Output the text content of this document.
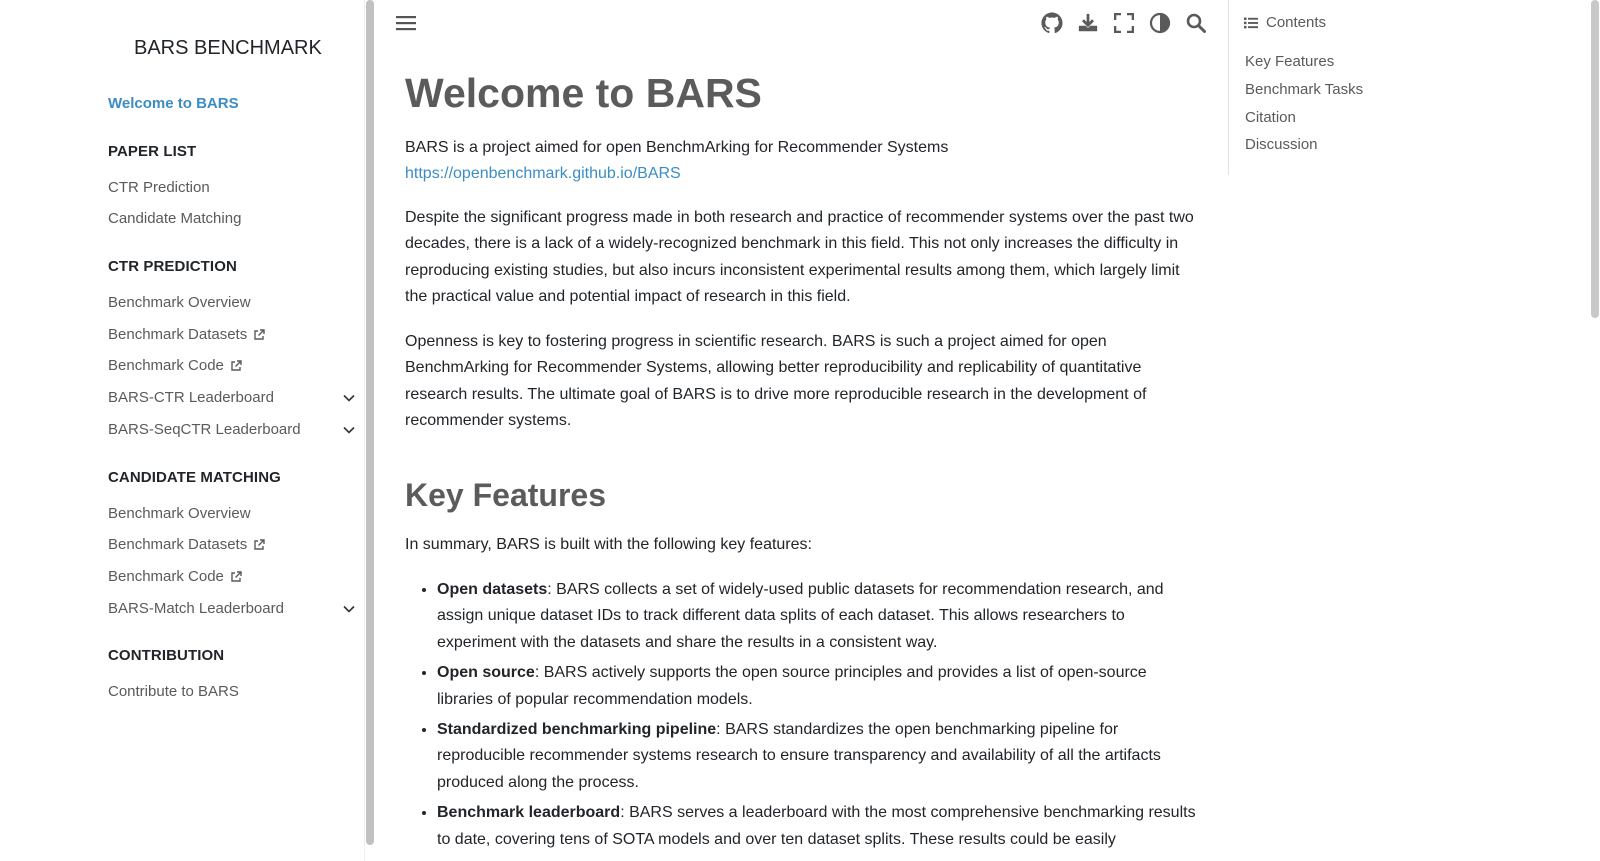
BARS BENCHMARK
Welcome to BARS
PAPER LIST
CTR Prediction
Candidate Matching
CTR PREDICTION
Benchmark Overview
Benchmark Datasets
Benchmark Code
BARS-CTR Leaderboard
BARS-SeqCTR Leaderboard
CANDIDATE MATCHING
Benchmark Overview
Benchmark Datasets
Benchmark Code
BARS-Match Leaderboard
CONTRIBUTION
Contribute to BARS
Welcome to BARS
BARS is a project aimed for open BenchmArking for Recommender Systems
https://openbenchmark.github.io/BARS

Despite the significant progress made in both research and practice of recommender systems over the past two decades, there is a lack of a widely-recognized benchmark in this field. This not only increases the difficulty in reproducing existing studies, but also incurs inconsistent experimental results among them, which largely limit the practical value and potential impact of research in this field.

Openness is key to fostering progress in scientific research. BARS is such a project aimed for open BenchmArking for Recommender Systems, allowing better reproducibility and replicability of quantitative research results. The ultimate goal of BARS is to drive more reproducible research in the development of recommender systems.

Key Features

In summary, BARS is built with the following key features:

• Open datasets: BARS collects a set of widely-used public datasets for recommendation research, and assign unique dataset IDs to track different data splits of each dataset. This allows researchers to experiment with the datasets and share the results in a consistent way.
• Open source: BARS actively supports the open source principles and provides a list of open-source libraries of popular recommendation models.
• Standardized benchmarking pipeline: BARS standardizes the open benchmarking pipeline for reproducible recommender systems research to ensure transparency and availability of all the artifacts produced along the process.
• Benchmark leaderboard: BARS serves a leaderboard with the most comprehensive benchmarking results to date, covering tens of SOTA models and over ten dataset splits. These results could be easily
Contents
Key Features
Benchmark Tasks
Citation
Discussion
